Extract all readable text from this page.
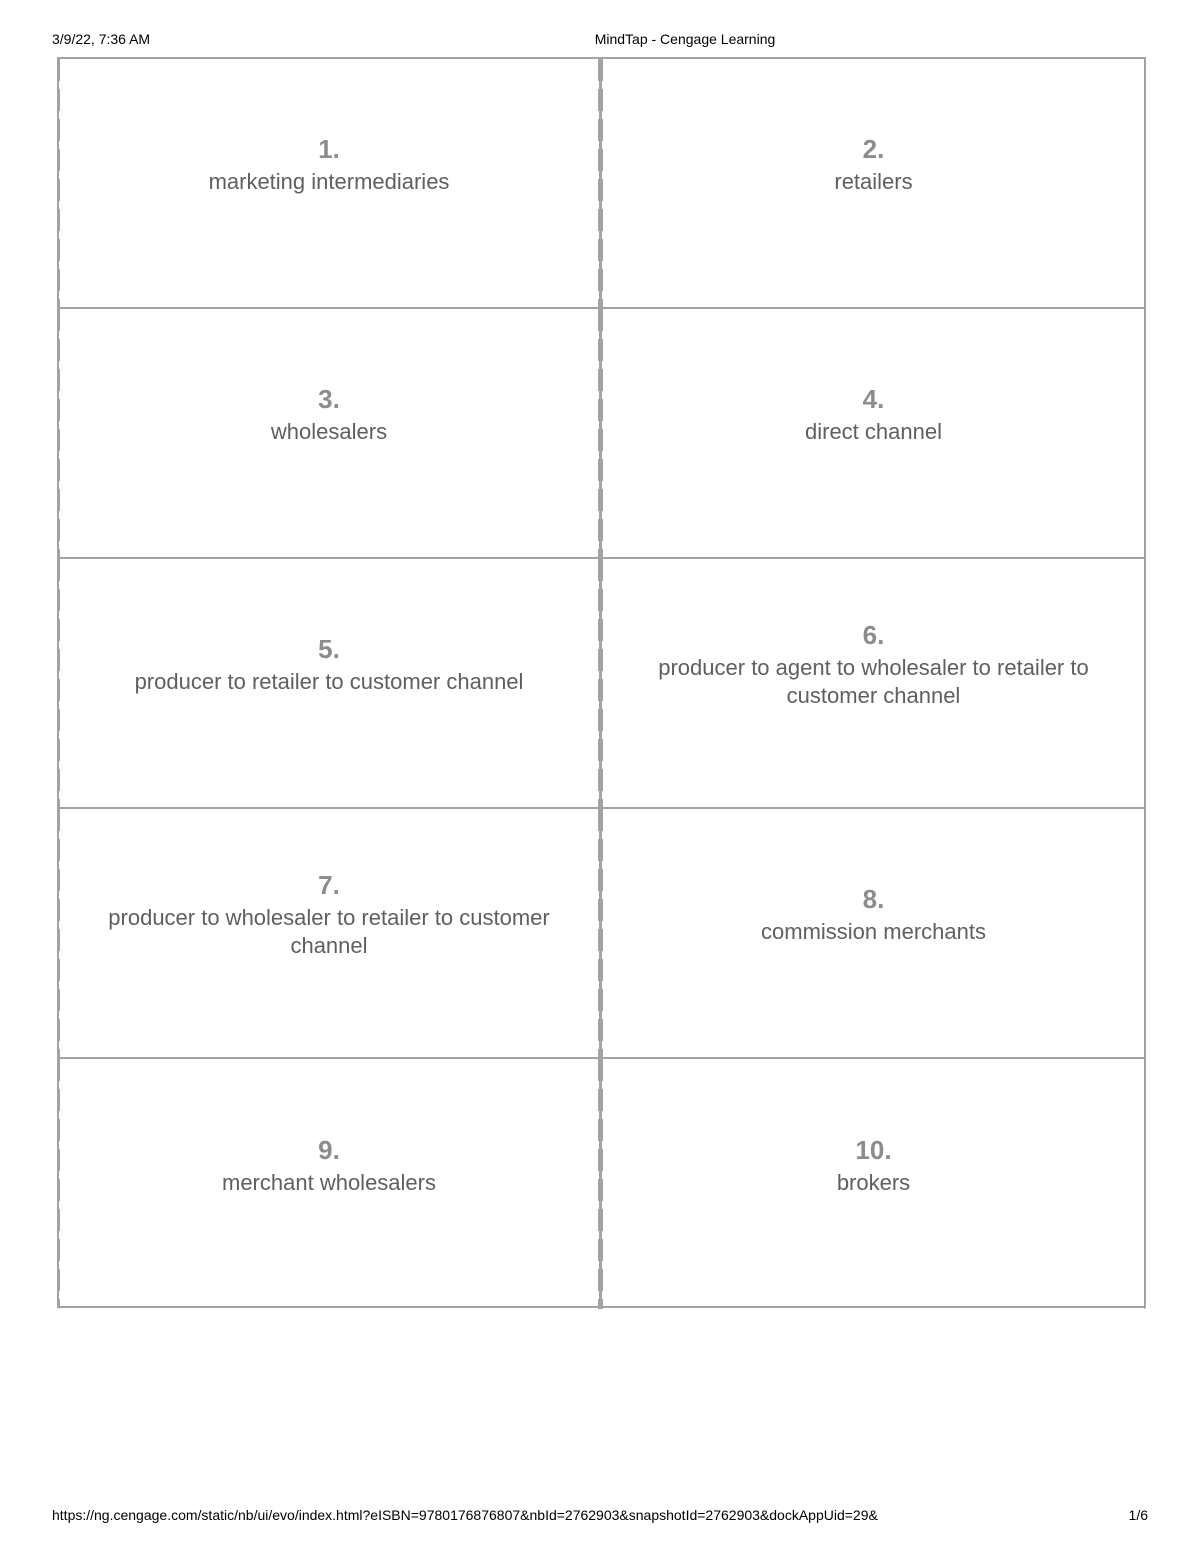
3/9/22, 7:36 AM	MindTap - Cengage Learning
1.
marketing intermediaries
2.
retailers
3.
wholesalers
4.
direct channel
5.
producer to retailer to customer channel
6.
producer to agent to wholesaler to retailer to customer channel
7.
producer to wholesaler to retailer to customer channel
8.
commission merchants
9.
merchant wholesalers
10.
brokers
https://ng.cengage.com/static/nb/ui/evo/index.html?eISBN=9780176876807&nbId=2762903&snapshotId=2762903&dockAppUid=29&	1/6
